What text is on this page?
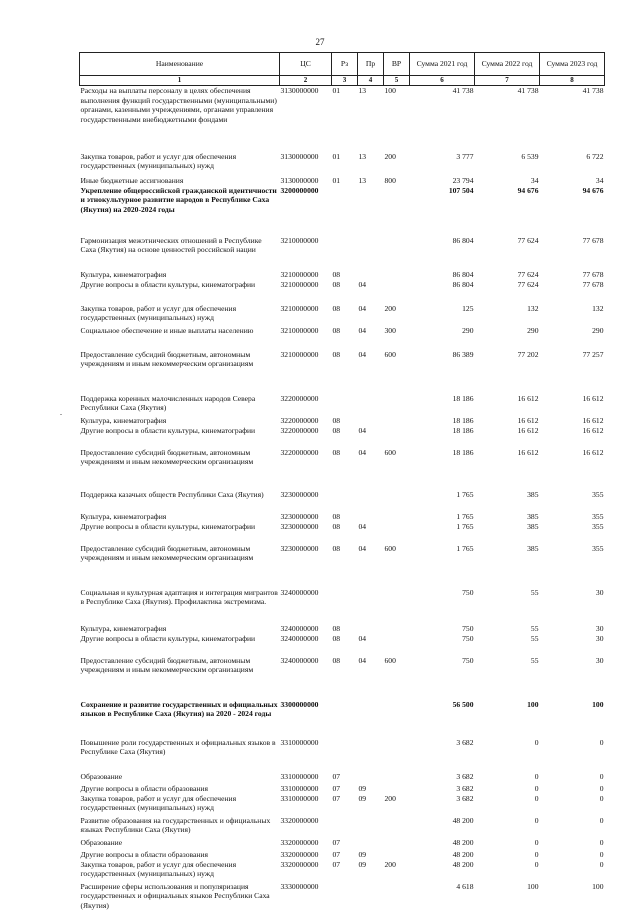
27
Наименование	ЦС	Рз	Пр	ВР	Сумма 2021 год	Сумма 2022 год	Сумма 2023 год
1	2	3	4	5	6	7	8
Расходы на выплаты персоналу в целях обеспечения выполнения функций государственными (муниципальными) органами, казенными учреждениями, органами управления государственными внебюджетными фондами	3130000000	01	13	100	41 738	41 738	41 738
Закупка товаров, работ и услуг для обеспечения государственных (муниципальных) нужд	3130000000	01	13	200	3 777	6 539	6 722
Иные бюджетные ассигнования	3130000000	01	13	800	23 794	34	34
Укрепление общероссийской гражданской идентичности и этнокультурное развитие народов в Республике Саха (Якутия) на 2020-2024 годы	3200000000				107 504	94 676	94 676
Гармонизация межэтнических отношений в Республике Саха (Якутия) на основе ценностей российской нации	3210000000				86 804	77 624	77 678
Культура, кинематография	3210000000	08			86 804	77 624	77 678
Другие вопросы в области культуры, кинематографии	3210000000	08	04		86 804	77 624	77 678
Закупка товаров, работ и услуг для обеспечения государственных (муниципальных) нужд	3210000000	08	04	200	125	132	132
Социальное обеспечение и иные выплаты населению	3210000000	08	04	300	290	290	290
Предоставление субсидий бюджетным, автономным учреждениям и иным некоммерческим организациям	3210000000	08	04	600	86 389	77 202	77 257
Поддержка коренных малочисленных народов Севера Республики Саха (Якутия)	3220000000				18 186	16 612	16 612
Культура, кинематография	3220000000	08			18 186	16 612	16 612
Другие вопросы в области культуры, кинематографии	3220000000	08	04		18 186	16 612	16 612
Предоставление субсидий бюджетным, автономным учреждениям и иным некоммерческим организациям	3220000000	08	04	600	18 186	16 612	16 612
Поддержка казачьих обществ Республики Саха (Якутия)	3230000000				1 765	385	355
Культура, кинематография	3230000000	08			1 765	385	355
Другие вопросы в области культуры, кинематографии	3230000000	08	04		1 765	385	355
Предоставление субсидий бюджетным, автономным учреждениям и иным некоммерческим организациям	3230000000	08	04	600	1 765	385	355
Социальная и культурная адаптация и интеграция мигрантов в Республике Саха (Якутия). Профилактика экстремизма.	3240000000				750	55	30
Культура, кинематография	3240000000	08			750	55	30
Другие вопросы в области культуры, кинематографии	3240000000	08	04		750	55	30
Предоставление субсидий бюджетным, автономным учреждениям и иным некоммерческим организациям	3240000000	08	04	600	750	55	30
Сохранение и развитие государственных и официальных языков в Республике Саха (Якутия) на 2020 - 2024 годы	3300000000				56 500	100	100
Повышение роли государственных и официальных языков в Республике Саха (Якутия)	3310000000				3 682	0	0
Образование	3310000000	07			3 682	0	0
Другие вопросы в области образования	3310000000	07	09		3 682	0	0
Закупка товаров, работ и услуг для обеспечения государственных (муниципальных) нужд	3310000000	07	09	200	3 682	0	0
Развитие образования на государственных и официальных языках Республики Саха (Якутия)	3320000000				48 200	0	0
Образование	3320000000	07			48 200	0	0
Другие вопросы в области образования	3320000000	07	09		48 200	0	0
Закупка товаров, работ и услуг для обеспечения государственных (муниципальных) нужд	3320000000	07	09	200	48 200	0	0
Расширение сферы использования и популяризация государственных и официальных языков Республики Саха (Якутия)	3330000000				4 618	100	100
.
